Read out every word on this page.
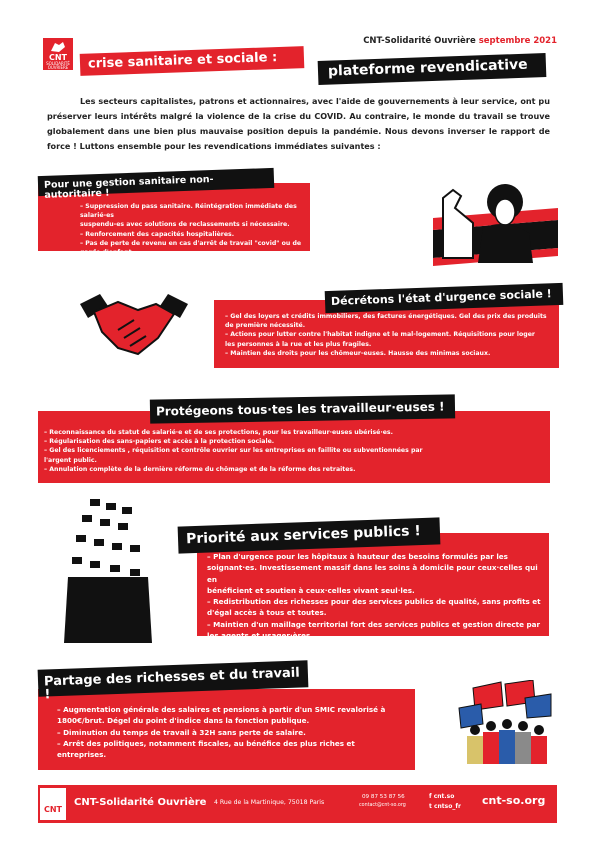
CNT
SOLIDARITÉ OUVRIÈRE
CNT-Solidarité Ouvrière septembre 2021
crise sanitaire et sociale :	plateforme revendicative
Les secteurs capitalistes, patrons et actionnaires, avec l'aide de gouvernements à leur service, ont pu préserver leurs intérêts malgré la violence de la crise du COVID. Au contraire, le monde du travail se trouve globalement dans une bien plus mauvaise position depuis la pandémie. Nous devons inverser le rapport de force ! Luttons ensemble pour les revendications immédiates suivantes :
Pour une gestion sanitaire non-autoritaire !
– Suppression du pass sanitaire. Réintégration immédiate des salarié-es
suspendu-es avec solutions de reclassements si nécessaire.
– Renforcement des capacités hospitalières.
– Pas de perte de revenu en cas d'arrêt de travail "covid" ou de garde d'enfant.
Décrétons l'état d'urgence sociale !
– Gel des loyers et crédits immobiliers, des factures énergétiques. Gel des prix des produits
de première nécessité.
– Actions pour lutter contre l'habitat indigne et le mal-logement. Réquisitions pour loger
les personnes à la rue et les plus fragiles.
– Maintien des droits pour les chômeur-euses. Hausse des minimas sociaux.
Protégeons tous·tes les travailleur·euses !
– Reconnaissance du statut de salarié·e et de ses protections, pour les travailleur·euses ubérisé·es.
– Régularisation des sans-papiers et accès à la protection sociale.
– Gel des licenciements , réquisition et contrôle ouvrier sur les entreprises en faillite ou subventionnées par
l'argent public.
– Annulation complète de la dernière réforme du chômage et de la réforme des retraites.
Priorité aux services publics !
– Plan d'urgence pour les hôpitaux à hauteur des besoins formulés par les
soignant·es. Investissement massif dans les soins à domicile pour ceux·celles qui en
bénéficient et soutien à ceux·celles vivant seul·les.
– Redistribution des richesses pour des services publics de qualité, sans profits et
d'égal accès à tous et toutes.
– Maintien d'un maillage territorial fort des services publics et gestion directe par
les agents et usager·ères.
Partage des richesses et du travail !
– Augmentation générale des salaires et pensions à partir d'un SMIC revalorisé à
1800€/brut. Dégel du point d'indice dans la fonction publique.
– Diminution du temps de travail à 32H sans perte de salaire.
– Arrêt des politiques, notamment fiscales, au bénéfice des plus riches et
entreprises.
CNT
CNT-Solidarité Ouvrière 4 Rue de la Martinique, 75018 Paris
09 87 53 87 56
contact@cnt-so.org
f cnt.so
t cntso_fr cnt-so.org
